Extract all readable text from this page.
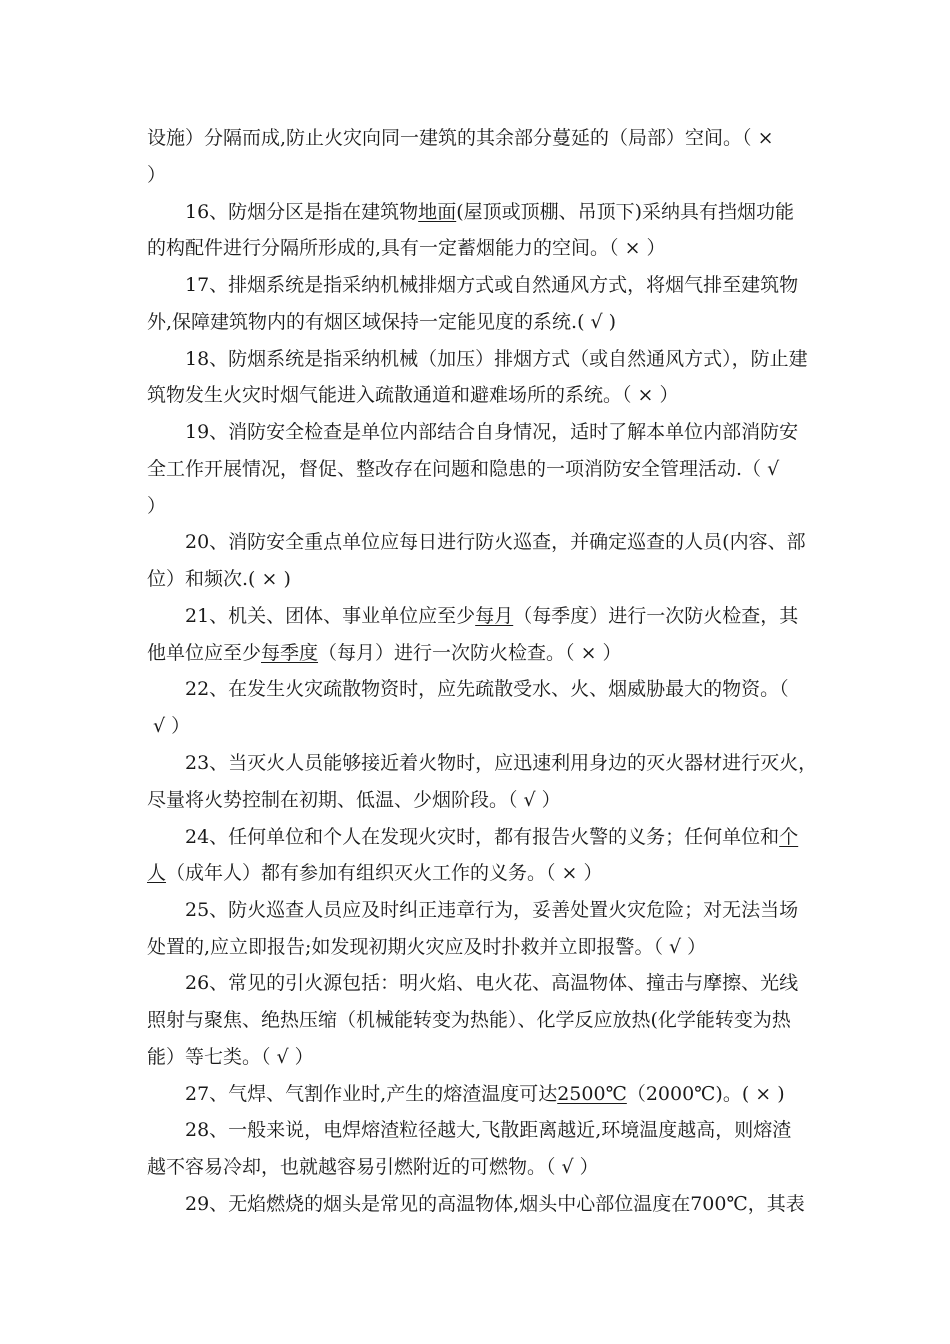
设施）分隔而成,防止火灾向同一建筑的其余部分蔓延的（局部）空间。（ ×
）
16、防烟分区是指在建筑物地面(屋顶或顶棚、吊顶下)采纳具有挡烟功能
的构配件进行分隔所形成的,具有一定蓄烟能力的空间。（ × ）
17、排烟系统是指采纳机械排烟方式或自然通风方式，将烟气排至建筑物
外,保障建筑物内的有烟区域保持一定能见度的系统.( √ )
18、防烟系统是指采纳机械（加压）排烟方式（或自然通风方式），防止建
筑物发生火灾时烟气能进入疏散通道和避难场所的系统。（ × ）
19、消防安全检查是单位内部结合自身情况，适时了解本单位内部消防安
全工作开展情况，督促、整改存在问题和隐患的一项消防安全管理活动.（ √
）
20、消防安全重点单位应每日进行防火巡查，并确定巡查的人员(内容、部
位）和频次.( × )
21、机关、团体、事业单位应至少每月（每季度）进行一次防火检查，其
他单位应至少每季度（每月）进行一次防火检查。（ × ）
22、在发生火灾疏散物资时，应先疏散受水、火、烟威胁最大的物资。（
√ ）
23、当灭火人员能够接近着火物时，应迅速利用身边的灭火器材进行灭火，
尽量将火势控制在初期、低温、少烟阶段。（ √ ）
24、任何单位和个人在发现火灾时，都有报告火警的义务；任何单位和个
人（成年人）都有参加有组织灭火工作的义务。（ × ）
25、防火巡查人员应及时纠正违章行为，妥善处置火灾危险；对无法当场
处置的,应立即报告;如发现初期火灾应及时扑救并立即报警。（ √ ）
26、常见的引火源包括：明火焰、电火花、高温物体、撞击与摩擦、光线
照射与聚焦、绝热压缩（机械能转变为热能）、化学反应放热(化学能转变为热
能）等七类。（ √ ）
27、气焊、气割作业时,产生的熔渣温度可达2500℃（2000℃)。( × )
28、一般来说，电焊熔渣粒径越大,飞散距离越近,环境温度越高，则熔渣
越不容易冷却，也就越容易引燃附近的可燃物。（ √ ）
29、无焰燃烧的烟头是常见的高温物体,烟头中心部位温度在700℃，其表
